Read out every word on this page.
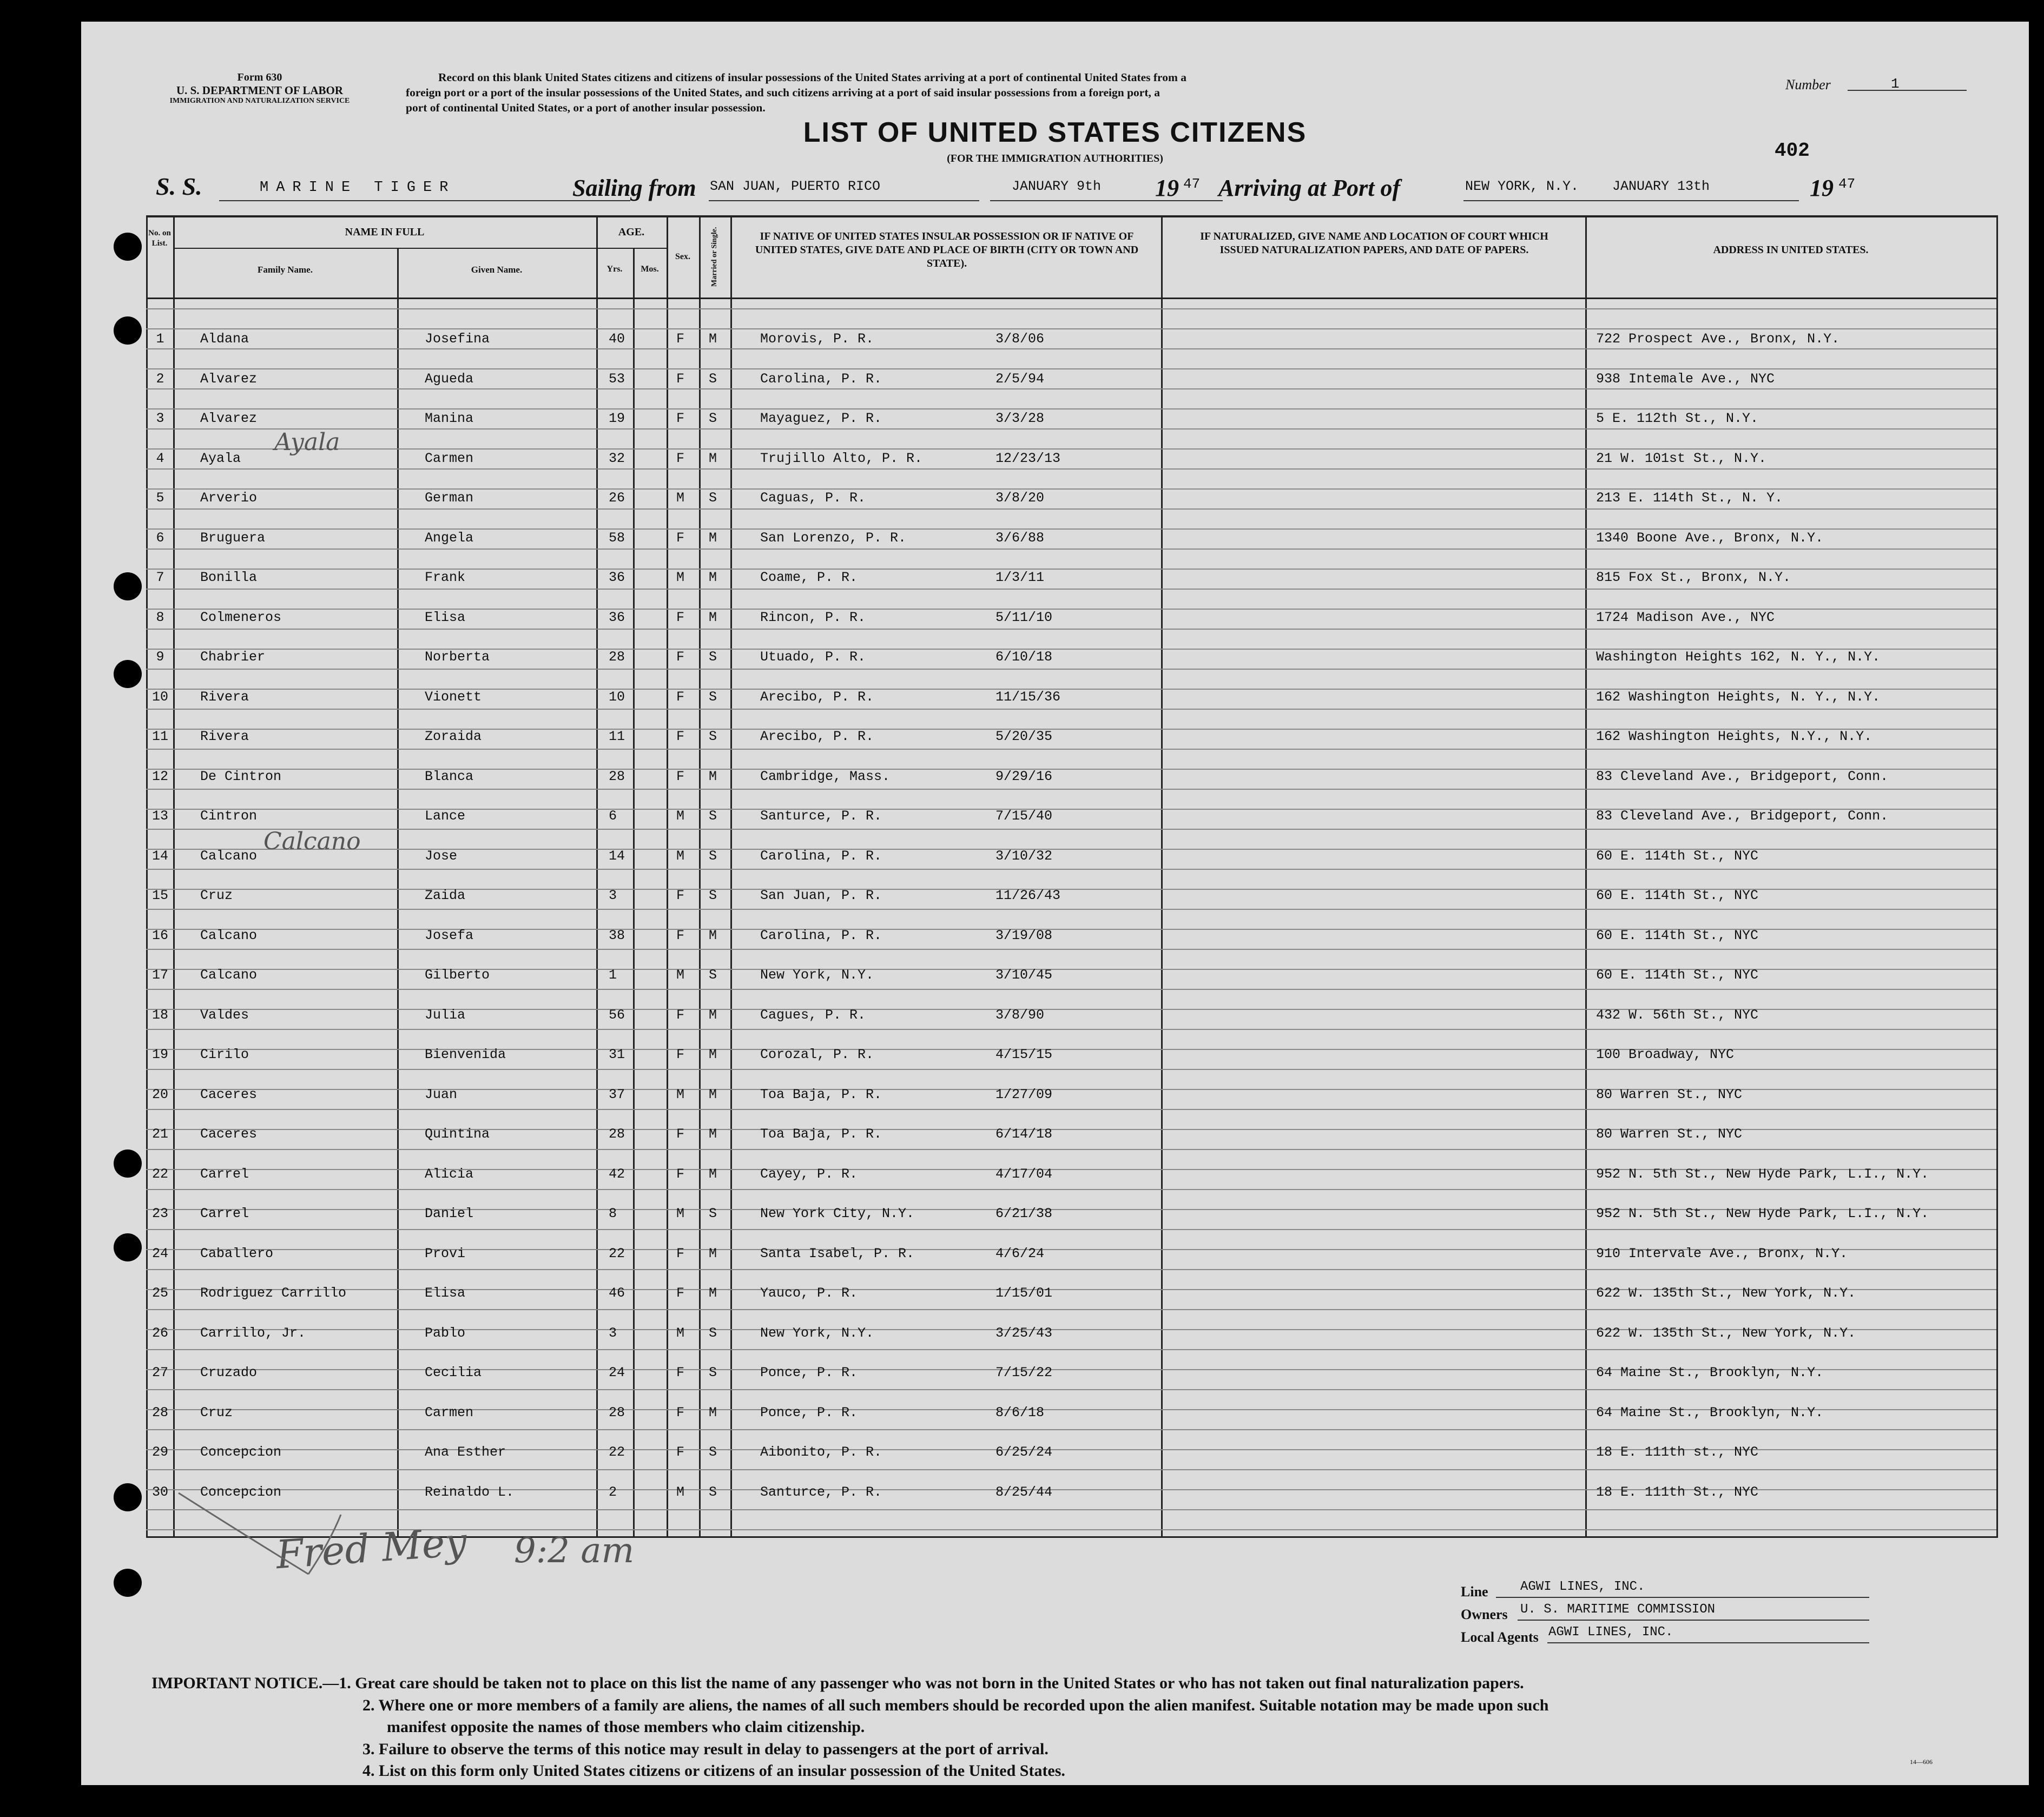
Form 630
U. S. DEPARTMENT OF LABOR
IMMIGRATION AND NATURALIZATION SERVICE
Record on this blank United States citizens and citizens of insular possessions of the United States arriving at a port of continental United States from a
foreign port or a port of the insular possessions of the United States, and such citizens arriving at a port of said insular possessions from a foreign port, a
port of continental United States, or a port of another insular possession.
Number	1
LIST OF UNITED STATES CITIZENS
(FOR THE IMMIGRATION AUTHORITIES)	402
S. S.	MARINE TIGER	Sailing from SAN JUAN, PUERTO RICO	JANUARY 9th 19 47 Arriving at Port of	NEW YORK, N.Y. JANUARY 13th	19 47
No. on List.
NAME IN FULL
Family Name.	Given Name.
AGE.
Yrs.	Mos.
Sex.	Married or Single.	IF NATIVE OF UNITED STATES INSULAR POSSESSION OR IF NATIVE OF UNITED STATES, GIVE DATE AND PLACE OF BIRTH (CITY OR TOWN AND STATE).
IF NATURALIZED, GIVE NAME AND LOCATION OF COURT WHICH ISSUED NATURALIZATION PAPERS, AND DATE OF PAPERS.	ADDRESS IN UNITED STATES.
1	Aldana	Josefina	40	F M	Morovis, P. R.	3/8/06	722 Prospect Ave., Bronx, N.Y.
2	Alvarez	Agueda	53	F S	Carolina, P. R.	2/5/94	938 Intemale Ave., NYC
3	Alvarez	Manina	19	F S	Mayaguez, P. R.	3/3/28	5 E. 112th St., N.Y.
4	Ayala	Carmen	32	F M	Trujillo Alto, P. R.	12/23/13	21 W. 101st St., N.Y.
5	Arverio	German	26	M S	Caguas, P. R.	3/8/20	213 E. 114th St., N. Y.
6	Bruguera	Angela	58	F M	San Lorenzo, P. R.	3/6/88	1340 Boone Ave., Bronx, N.Y.
7	Bonilla	Frank	36	M M	Coame, P. R.	1/3/11	815 Fox St., Bronx, N.Y.
8	Colmeneros	Elisa	36	F M	Rincon, P. R.	5/11/10	1724 Madison Ave., NYC
9	Chabrier	Norberta	28	F S	Utuado, P. R.	6/10/18	Washington Heights 162, N. Y., N.Y.
10	Rivera	Vionett	10	F S	Arecibo, P. R.	11/15/36	162 Washington Heights, N. Y., N.Y.
11	Rivera	Zoraida	11	F S	Arecibo, P. R.	5/20/35	162 Washington Heights, N.Y., N.Y.
12	De Cintron	Blanca	28	F M	Cambridge, Mass.	9/29/16	83 Cleveland Ave., Bridgeport, Conn.
13	Cintron	Lance	6	M S	Santurce, P. R.	7/15/40	83 Cleveland Ave., Bridgeport, Conn.
14	Calcano	Jose	14	M S	Carolina, P. R.	3/10/32	60 E. 114th St., NYC
15	Cruz	Zaida	3	F S	San Juan, P. R.	11/26/43	60 E. 114th St., NYC
16	Calcano	Josefa	38	F M	Carolina, P. R.	3/19/08	60 E. 114th St., NYC
17	Calcano	Gilberto	1	M S	New York, N.Y.	3/10/45	60 E. 114th St., NYC
18	Valdes	Julia	56	F M	Cagues, P. R.	3/8/90	432 W. 56th St., NYC
19	Cirilo	Bienvenida	31	F M	Corozal, P. R.	4/15/15	100 Broadway, NYC
20	Caceres	Juan	37	M M	Toa Baja, P. R.	1/27/09	80 Warren St., NYC
21	Caceres	Quintina	28	F M	Toa Baja, P. R.	6/14/18	80 Warren St., NYC
22	Carrel	Alicia	42	F M	Cayey, P. R.	4/17/04	952 N. 5th St., New Hyde Park, L.I., N.Y.
23	Carrel	Daniel	8	M S	New York City, N.Y.	6/21/38	952 N. 5th St., New Hyde Park, L.I., N.Y.
24	Caballero	Provi	22	F M	Santa Isabel, P. R.	4/6/24	910 Intervale Ave., Bronx, N.Y.
25	Rodriguez Carrillo	Elisa	46	F M	Yauco, P. R.	1/15/01	622 W. 135th St., New York, N.Y.
26	Carrillo, Jr.	Pablo	3	M S	New York, N.Y.	3/25/43	622 W. 135th St., New York, N.Y.
27	Cruzado	Cecilia	24	F S	Ponce, P. R.	7/15/22	64 Maine St., Brooklyn, N.Y.
28	Cruz	Carmen	28	F M	Ponce, P. R.	8/6/18	64 Maine St., Brooklyn, N.Y.
29	Concepcion	Ana Esther	22	F S	Aibonito, P. R.	6/25/24	18 E. 111th st., NYC
30	Concepcion	Reinaldo L.	2	M S	Santurce, P. R.	8/25/44	18 E. 111th St., NYC
Ayala
Calcano
Fred Mey 9:2 am
Line AGWI LINES, INC.
Owners U. S. MARITIME COMMISSION
Local Agents AGWI LINES, INC.
IMPORTANT NOTICE.—1. Great care should be taken not to place on this list the name of any passenger who was not born in the United States or who has not taken out final naturalization papers.
2. Where one or more members of a family are aliens, the names of all such members should be recorded upon the alien manifest. Suitable notation may be made upon such
manifest opposite the names of those members who claim citizenship.
3. Failure to observe the terms of this notice may result in delay to passengers at the port of arrival.
4. List on this form only United States citizens or citizens of an insular possession of the United States.	14—606
